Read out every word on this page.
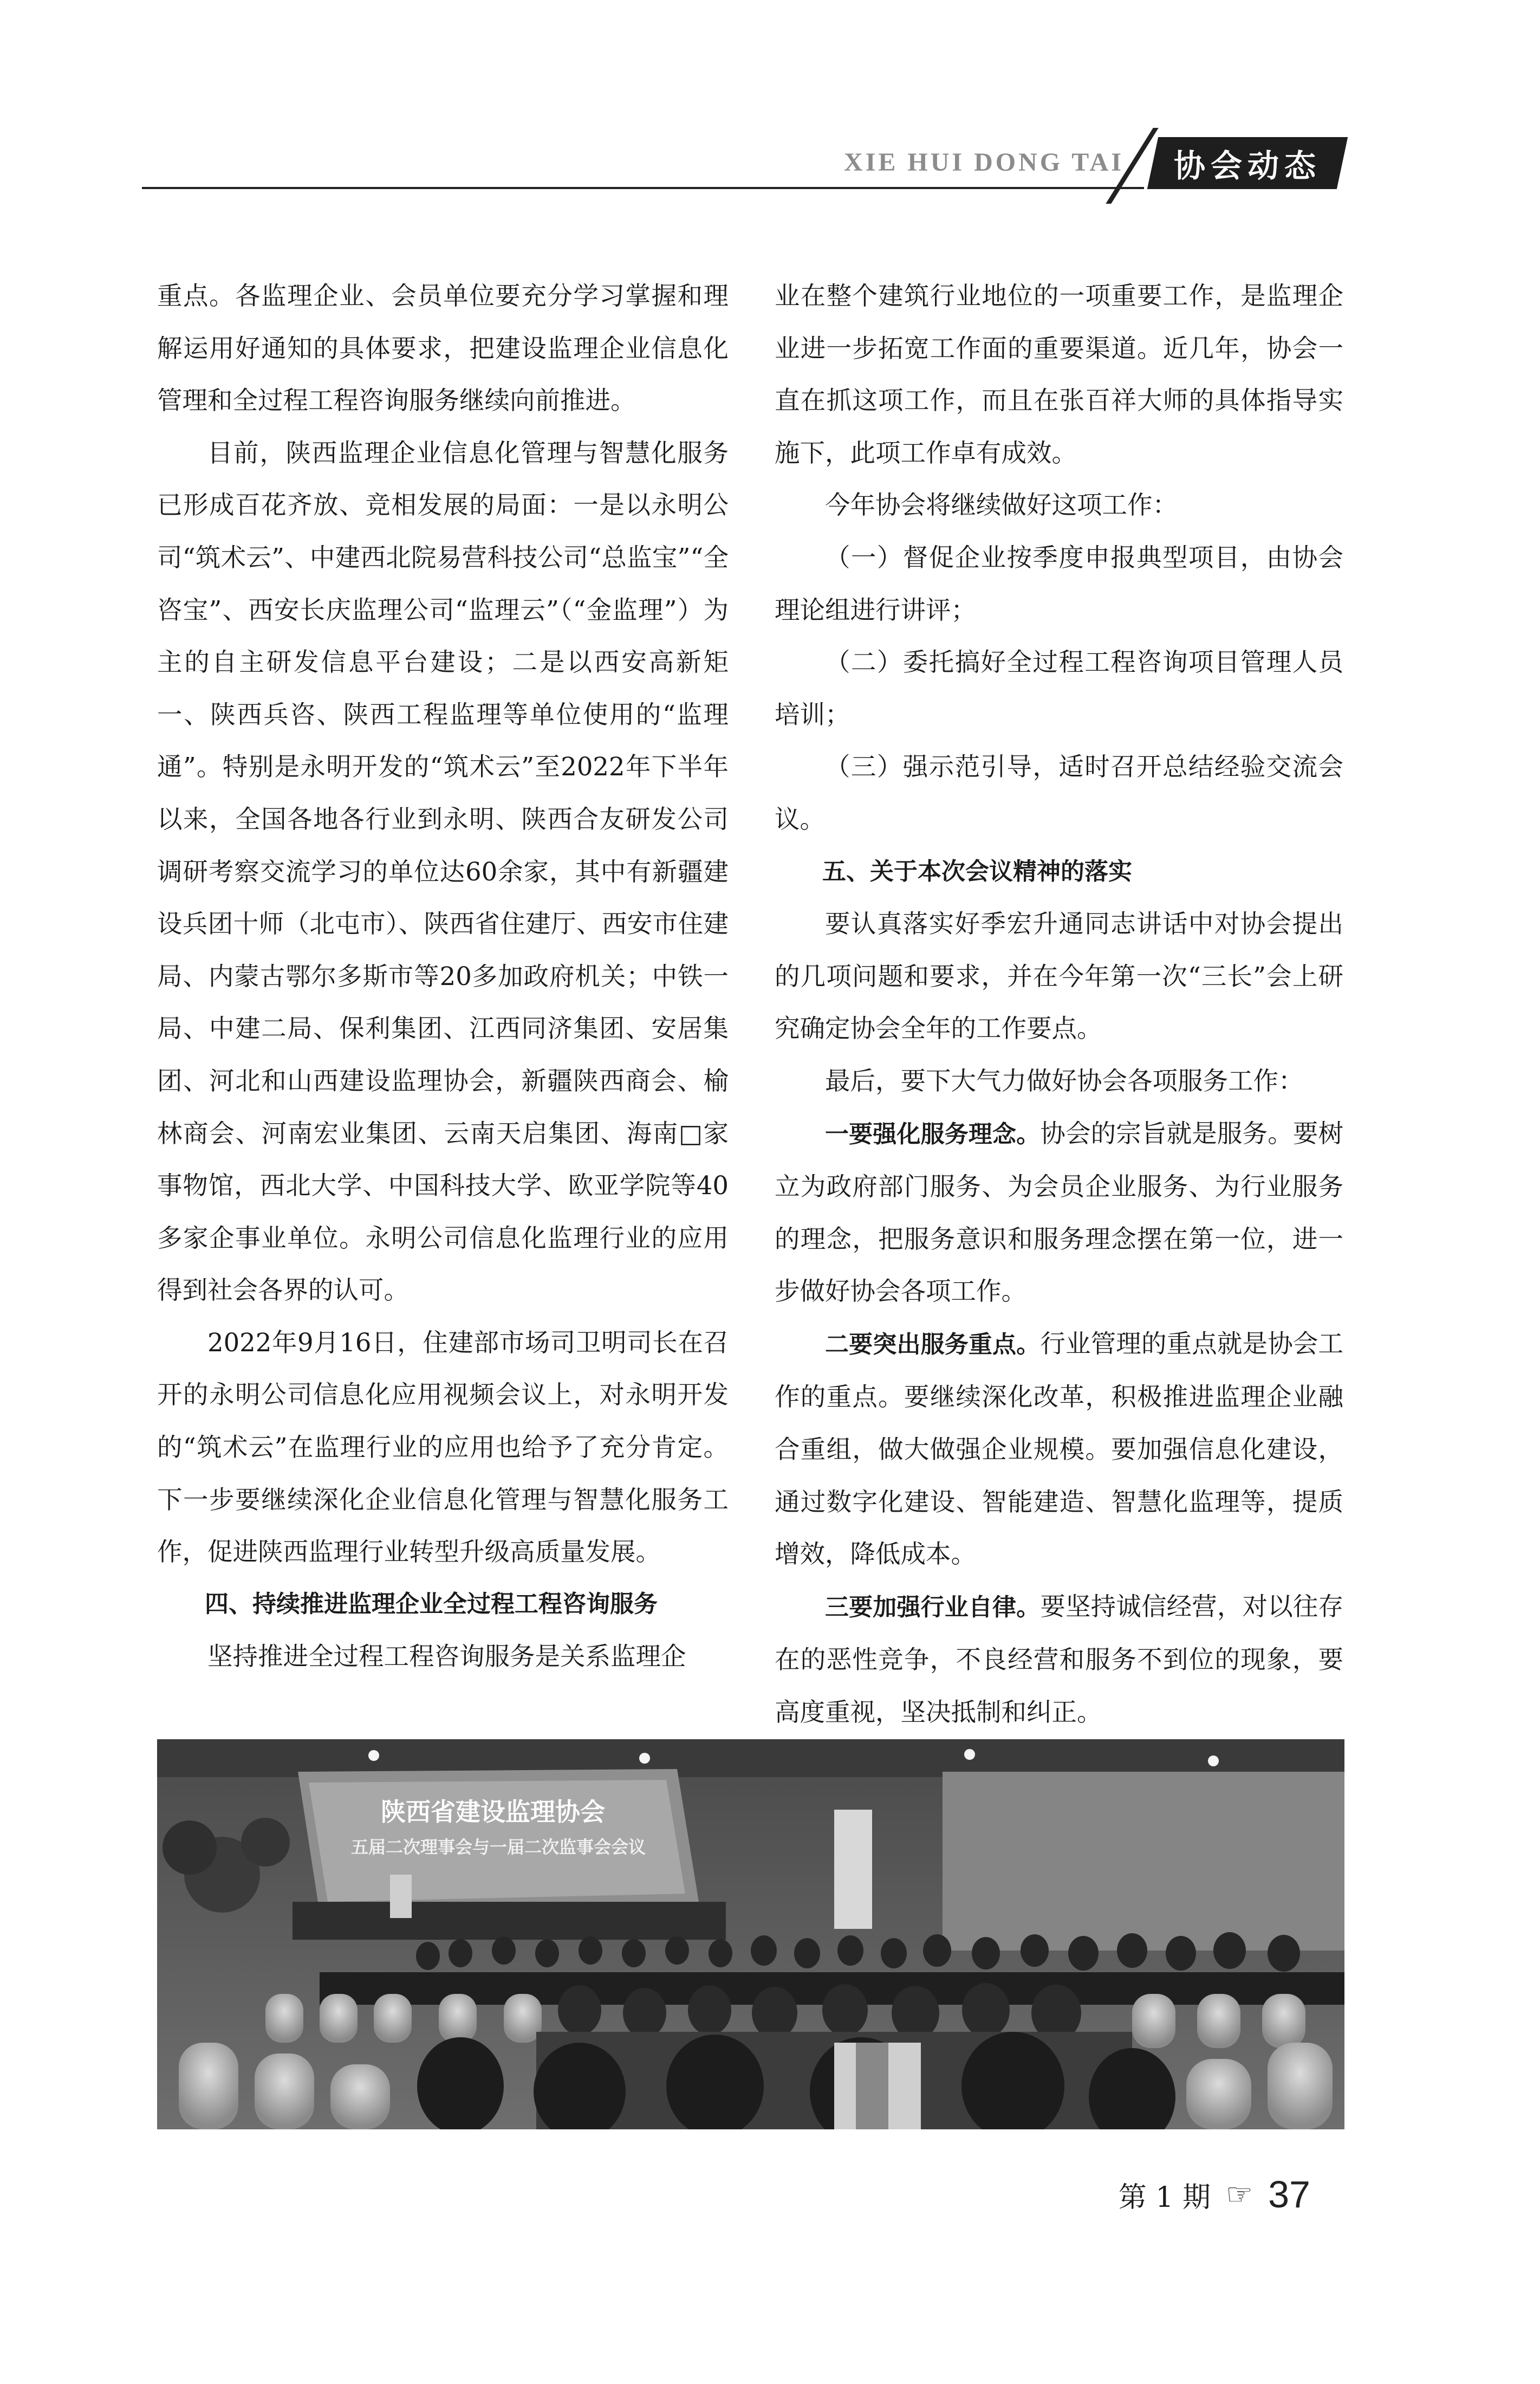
XIE HUI DONG TAI 协会动态

重点。各监理企业、会员单位要充分学习掌握和理解运用好通知的具体要求，把建设监理企业信息化管理和全过程工程咨询服务继续向前推进。

目前，陕西监理企业信息化管理与智慧化服务已形成百花齐放、竞相发展的局面：一是以永明公司“筑术云”、中建西北院易营科技公司“总监宝”“全咨宝”、西安长庆监理公司“监理云”（“金监理”）为主的自主研发信息平台建设；二是以西安高新矩一、陕西兵咨、陕西工程监理等单位使用的“监理通”。特别是永明开发的“筑术云”至2022年下半年以来，全国各地各行业到永明、陕西合友研发公司调研考察交流学习的单位达60余家，其中有新疆建设兵团十师（北屯市）、陕西省住建厅、西安市住建局、内蒙古鄂尔多斯市等20多加政府机关；中铁一局、中建二局、保利集团、江西同济集团、安居集团、河北和山西建设监理协会，新疆陕西商会、榆林商会、河南宏业集团、云南天启集团、海南□家事物馆，西北大学、中国科技大学、欧亚学院等40多家企事业单位。永明公司信息化监理行业的应用得到社会各界的认可。

2022年9月16日，住建部市场司卫明司长在召开的永明公司信息化应用视频会议上，对永明开发的“筑术云”在监理行业的应用也给予了充分肯定。下一步要继续深化企业信息化管理与智慧化服务工作，促进陕西监理行业转型升级高质量发展。

四、持续推进监理企业全过程工程咨询服务

坚持推进全过程工程咨询服务是关系监理企

业在整个建筑行业地位的一项重要工作，是监理企业进一步拓宽工作面的重要渠道。近几年，协会一直在抓这项工作，而且在张百祥大师的具体指导实施下，此项工作卓有成效。

今年协会将继续做好这项工作：

（一）督促企业按季度申报典型项目，由协会理论组进行讲评；

（二）委托搞好全过程工程咨询项目管理人员培训；

（三）强示范引导，适时召开总结经验交流会议。

五、关于本次会议精神的落实

要认真落实好季宏升通同志讲话中对协会提出的几项问题和要求，并在今年第一次“三长”会上研究确定协会全年的工作要点。

最后，要下大气力做好协会各项服务工作：

一要强化服务理念。协会的宗旨就是服务。要树立为政府部门服务、为会员企业服务、为行业服务的理念，把服务意识和服务理念摆在第一位，进一步做好协会各项工作。

二要突出服务重点。行业管理的重点就是协会工作的重点。要继续深化改革，积极推进监理企业融合重组，做大做强企业规模。要加强信息化建设，通过数字化建设、智能建造、智慧化监理等，提质增效，降低成本。

三要加强行业自律。要坚持诚信经营，对以往存在的恶性竞争，不良经营和服务不到位的现象，要高度重视，坚决抵制和纠正。

陕西省建设监理协会
五届二次理事会与一届二次监事会会议
第 1 期 ☞ 37
